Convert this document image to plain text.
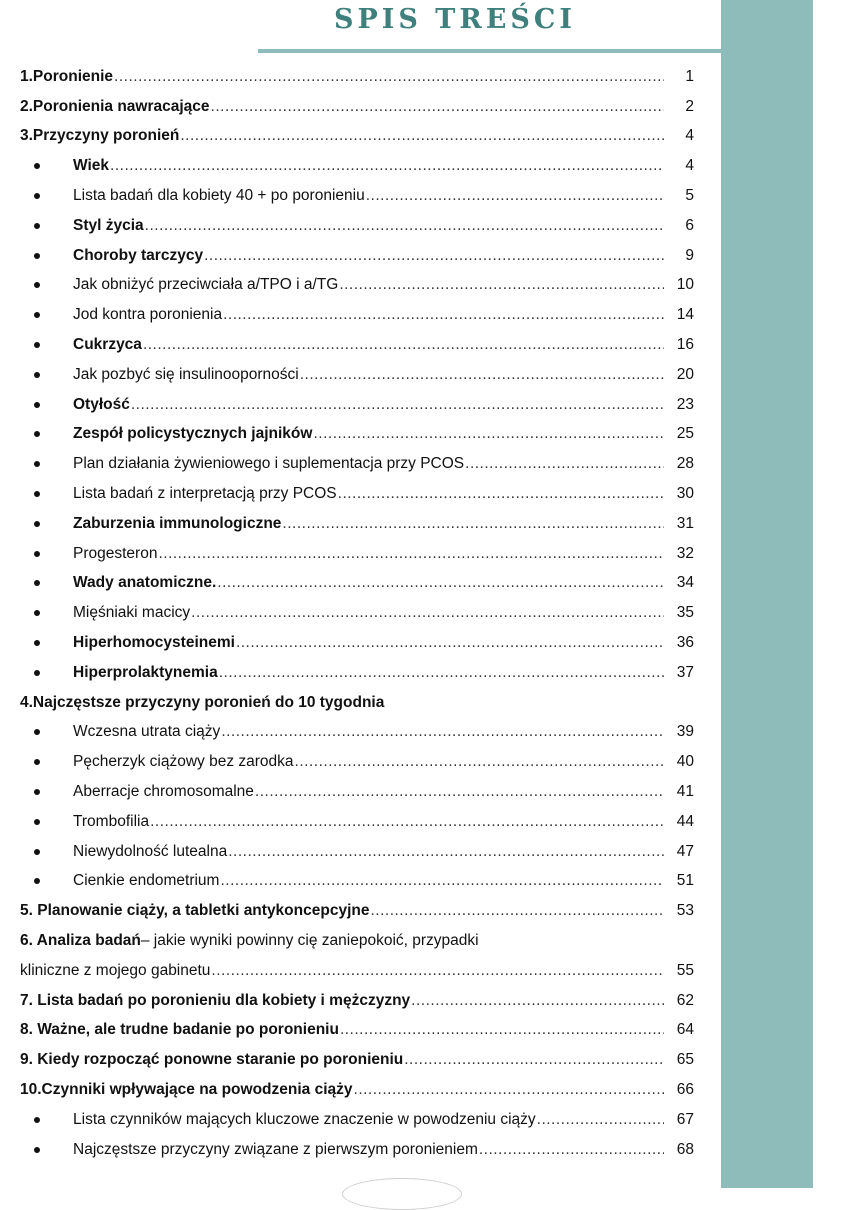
SPIS TREŚCI
1.Poronienie .....	1
2.Poronienia nawracające .....	2
3.Przyczyny poronień .....	4
Wiek .....	4
Lista badań dla kobiety 40 + po poronieniu .....	5
Styl życia .....	6
Choroby tarczycy .....	9
Jak obniżyć przeciwciała a/TPO i a/TG .....	10
Jod kontra poronienia .....	14
Cukrzyca .....	16
Jak pozbyć się insulinooporności .....	20
Otyłość .....	23
Zespół policystycznych jajników .....	25
Plan działania żywieniowego i suplementacja przy PCOS .....	28
Lista badań z interpretacją przy PCOS .....	30
Zaburzenia immunologiczne .....	31
Progesteron .....	32
Wady anatomiczne. .....	34
Mięśniaki macicy .....	35
Hiperhomocysteinemi .....	36
Hiperprolaktynemia .....	37
4.Najczęstsze przyczyny poronień do 10 tygodnia
Wczesna utrata ciąży .....	39
Pęcherzyk ciążowy bez zarodka .....	40
Aberracje chromosomalne .....	41
Trombofilia .....	44
Niewydolność lutealna .....	47
Cienkie endometrium .....	51
5. Planowanie ciąży, a tabletki antykoncepcyjne .....	53
6. Analiza badań – jakie wyniki powinny cię zaniepokoić, przypadki
kliniczne z mojego gabinetu .....	55
7. Lista badań po poronieniu dla kobiety i mężczyzny .....	62
8. Ważne, ale trudne badanie po poronieniu .....	64
9. Kiedy rozpocząć ponowne staranie po poronieniu .....	65
10.Czynniki wpływające na powodzenia ciąży .....	66
Lista czynników mających kluczowe znaczenie w powodzeniu ciąży .....	67
Najczęstsze przyczyny związane z pierwszym poronieniem .....	68
